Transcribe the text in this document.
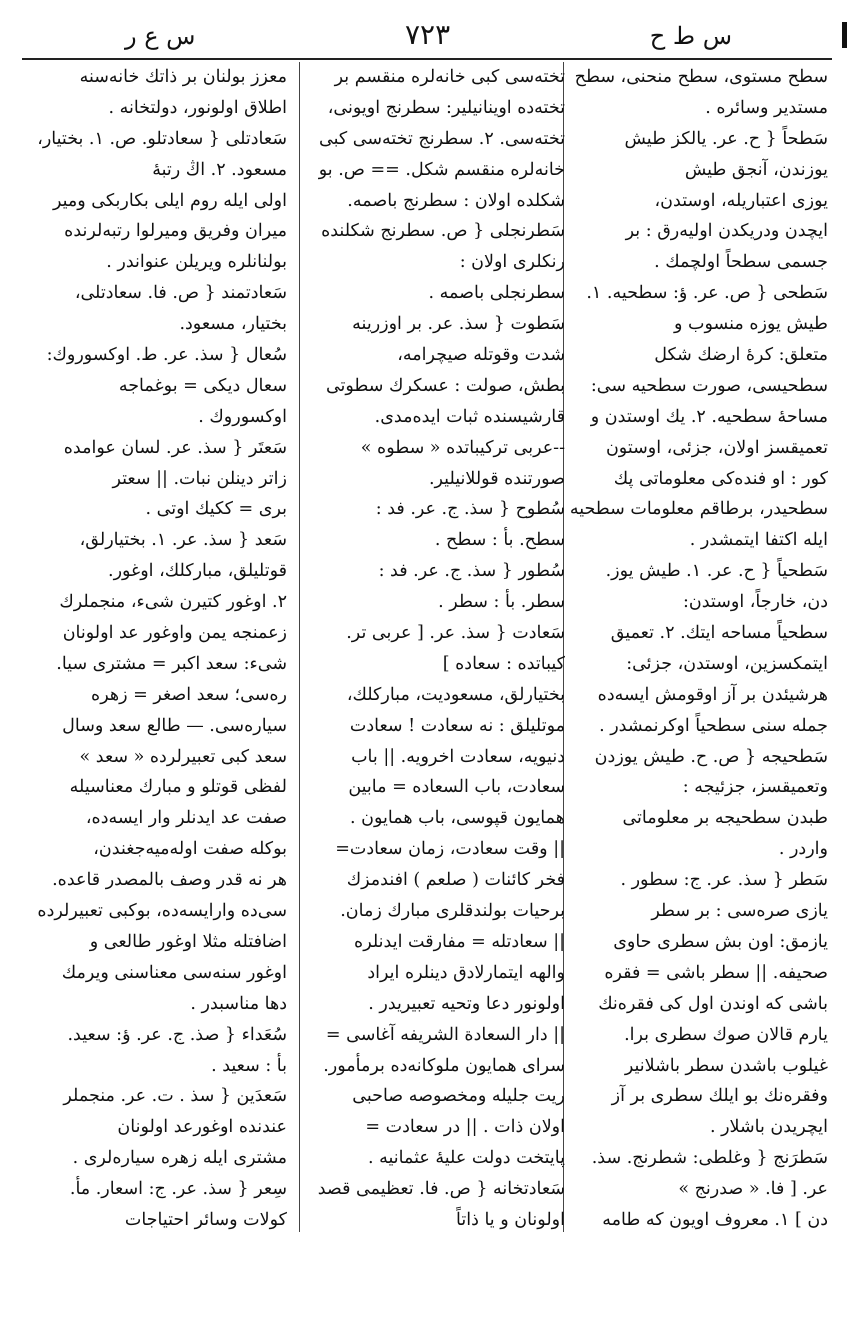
س ط ح
٧٢٣
س ع ر
سطح مستوی، سطح منحنی، سطح
مستدیر وسائره .
سَطحاً { ح. عر. یالکز طیش
یوزندن، آنجق طیش
یوزی اعتباریله، اوستدن،
ایچدن ودریکدن اولیه‌رق : بر
جسمی سطحاً اولچمك .
سَطحی { ص. عر. ؤ: سطحیه. ١.
طیش یوزه منسوب و
متعلق: کرهٔ ارضك شکل
سطحیسی، صورت سطحیه سی:
مساحهٔ سطحیه. ٢. یك اوستدن و
تعمیقسز اولان، جزئی، اوستون
کور : او فنده‌کی معلوماتی پك
سطحیدر، برطاقم معلومات سطحیه
ایله اکتفا ایتمشدر .
سَطحیاً { ح. عر. ١. طیش یوز.
دن، خارجاً، اوستدن:
سطحیاً مساحه ایتك. ٢. تعمیق
ایتمکسزین، اوستدن، جزئی:
هرشیئدن بر آز اوقومش ایسه‌ده
جمله سنی سطحیاً اوکرنمشدر .
سَطحیجه { ص. ح. طیش یوزدن
وتعمیقسز، جزئیجه :
طبدن سطحیجه بر معلوماتی
واردر .
سَطر { سذ. عر. ج: سطور .
یازی صره‌سی : بر سطر
یازمق: اون بش سطری حاوی
صحیفه. || سطر باشی = فقره
باشی که اوندن اول کی فقره‌نك
یارم قالان صوك سطری برا.
غیلوب باشدن سطر باشلانیر
وفقره‌نك بو ایلك سطری بر آز
ایچریدن باشلار .
سَطرَنج { وغلطی: شطرنج. سذ.
عر. [ فا. « صدرنج »
دن ] ١. معروف اویون که طامه
تخته‌سی کبی خانه‌لره منقسم بر
تخته‌ده اوینانیلیر: سطرنج اویونی،
تخته‌سی. ٢. سطرنج تخته‌سی کبی
خانه‌لره منقسم شکل. == ص. بو
شکلده اولان : سطرنج باصمه.
سَطرنجلی { ص. سطرنج شکلنده
رنکلری اولان :
سطرنجلی باصمه .
سَطوت { سذ. عر. بر اوزرینه
شدت وقوتله صیچرامه،
بطش، صولت : عسکرك سطوتی
قارشیسنده ثبات ایده‌مدی.
--عربی ترکیباتده « سطوه »
صورتنده قوللانیلیر.
سُطوح { سذ. ج. عر. فد :
سطح. بأ : سطح .
سُطور { سذ. ج. عر. فد :
سطر. بأ : سطر .
سَعادت { سذ. عر. [ عربی تر.
کیباتده : سعاده ]
بختیارلق، مسعودیت، مبارکلك،
موتلیلق : نه سعادت ! سعادت
دنیویه، سعادت اخرویه. || باب
سعادت، باب السعاده = مابین
همایون قپوسی، باب همایون .
|| وقت سعادت، زمان سعادت=
فخر کائنات ( صلعم ) افندمزك
برحیات بولندقلری مبارك زمان.
|| سعادتله = مفارقت ایدنلره
والهه ایتمارلادق دینلره ایراد
اولونور دعا وتحیه تعبیریدر .
|| دار السعادة الشریفه آغاسی =
سرای همایون ملوکانه‌ده برمأمور.
ریت جلیله ومخصوصه صاحبی
اولان ذات . || در سعادت =
پایتخت دولت علیهٔ عثمانیه .
سَعادتخانه { ص. فا. تعظیمی قصد
اولونان و یا ذاتاً
معزز بولنان بر ذاتك خانه‌سنه
اطلاق اولونور، دولتخانه .
سَعادتلی { سعادتلو. ص. ١. بختیار،
مسعود. ٢. اڭ رتبهٔ
اولی ایله روم ایلی بکاربکی ومیر
میران وفریق ومیرلوا رتبه‌لرنده
بولنانلره ویریلن عنواندر .
سَعادتمند { ص. فا. سعادتلی،
بختیار، مسعود.
سُعال { سذ. عر. ط. اوکسوروك:
سعال دیکی = بوغماجه
اوکسوروك .
سَعتَر { سذ. عر. لسان عوامده
زاتر دینلن نبات. || سعتر
بری = ککیك اوتی .
سَعد { سذ. عر. ١. بختیارلق،
قوتلیلق، مبارکلك، اوغور.
٢. اوغور کتیرن شیء، منجملرك
زعمنجه یمن واوغور عد اولونان
شیء: سعد اکبر = مشتری سیا.
ره‌سی؛ سعد اصغر = زهره
سیاره‌سی. — طالع سعد وسال
سعد کبی تعبیرلرده « سعد »
لفظی قوتلو و مبارك معناسیله
صفت عد ایدنلر وار ایسه‌ده،
بوکله صفت اوله‌میه‌جغندن،
هر نه قدر وصف بالمصدر قاعده.
سی‌ده وارایسه‌ده، بوکبی تعبیرلرده
اضافتله مثلا اوغور طالعی و
اوغور سنه‌سی معناسنی ویرمك
دها مناسبدر .
سُعَداء { صذ. ج. عر. ؤ: سعید.
بأ : سعید .
سَعدَین { سذ . ت. عر. منجملر
عندنده اوغورعد اولونان
مشتری ایله زهره سیاره‌لری .
سِعر { سذ. عر. ج: اسعار. مأ.
کولات وسائر احتیاجات
